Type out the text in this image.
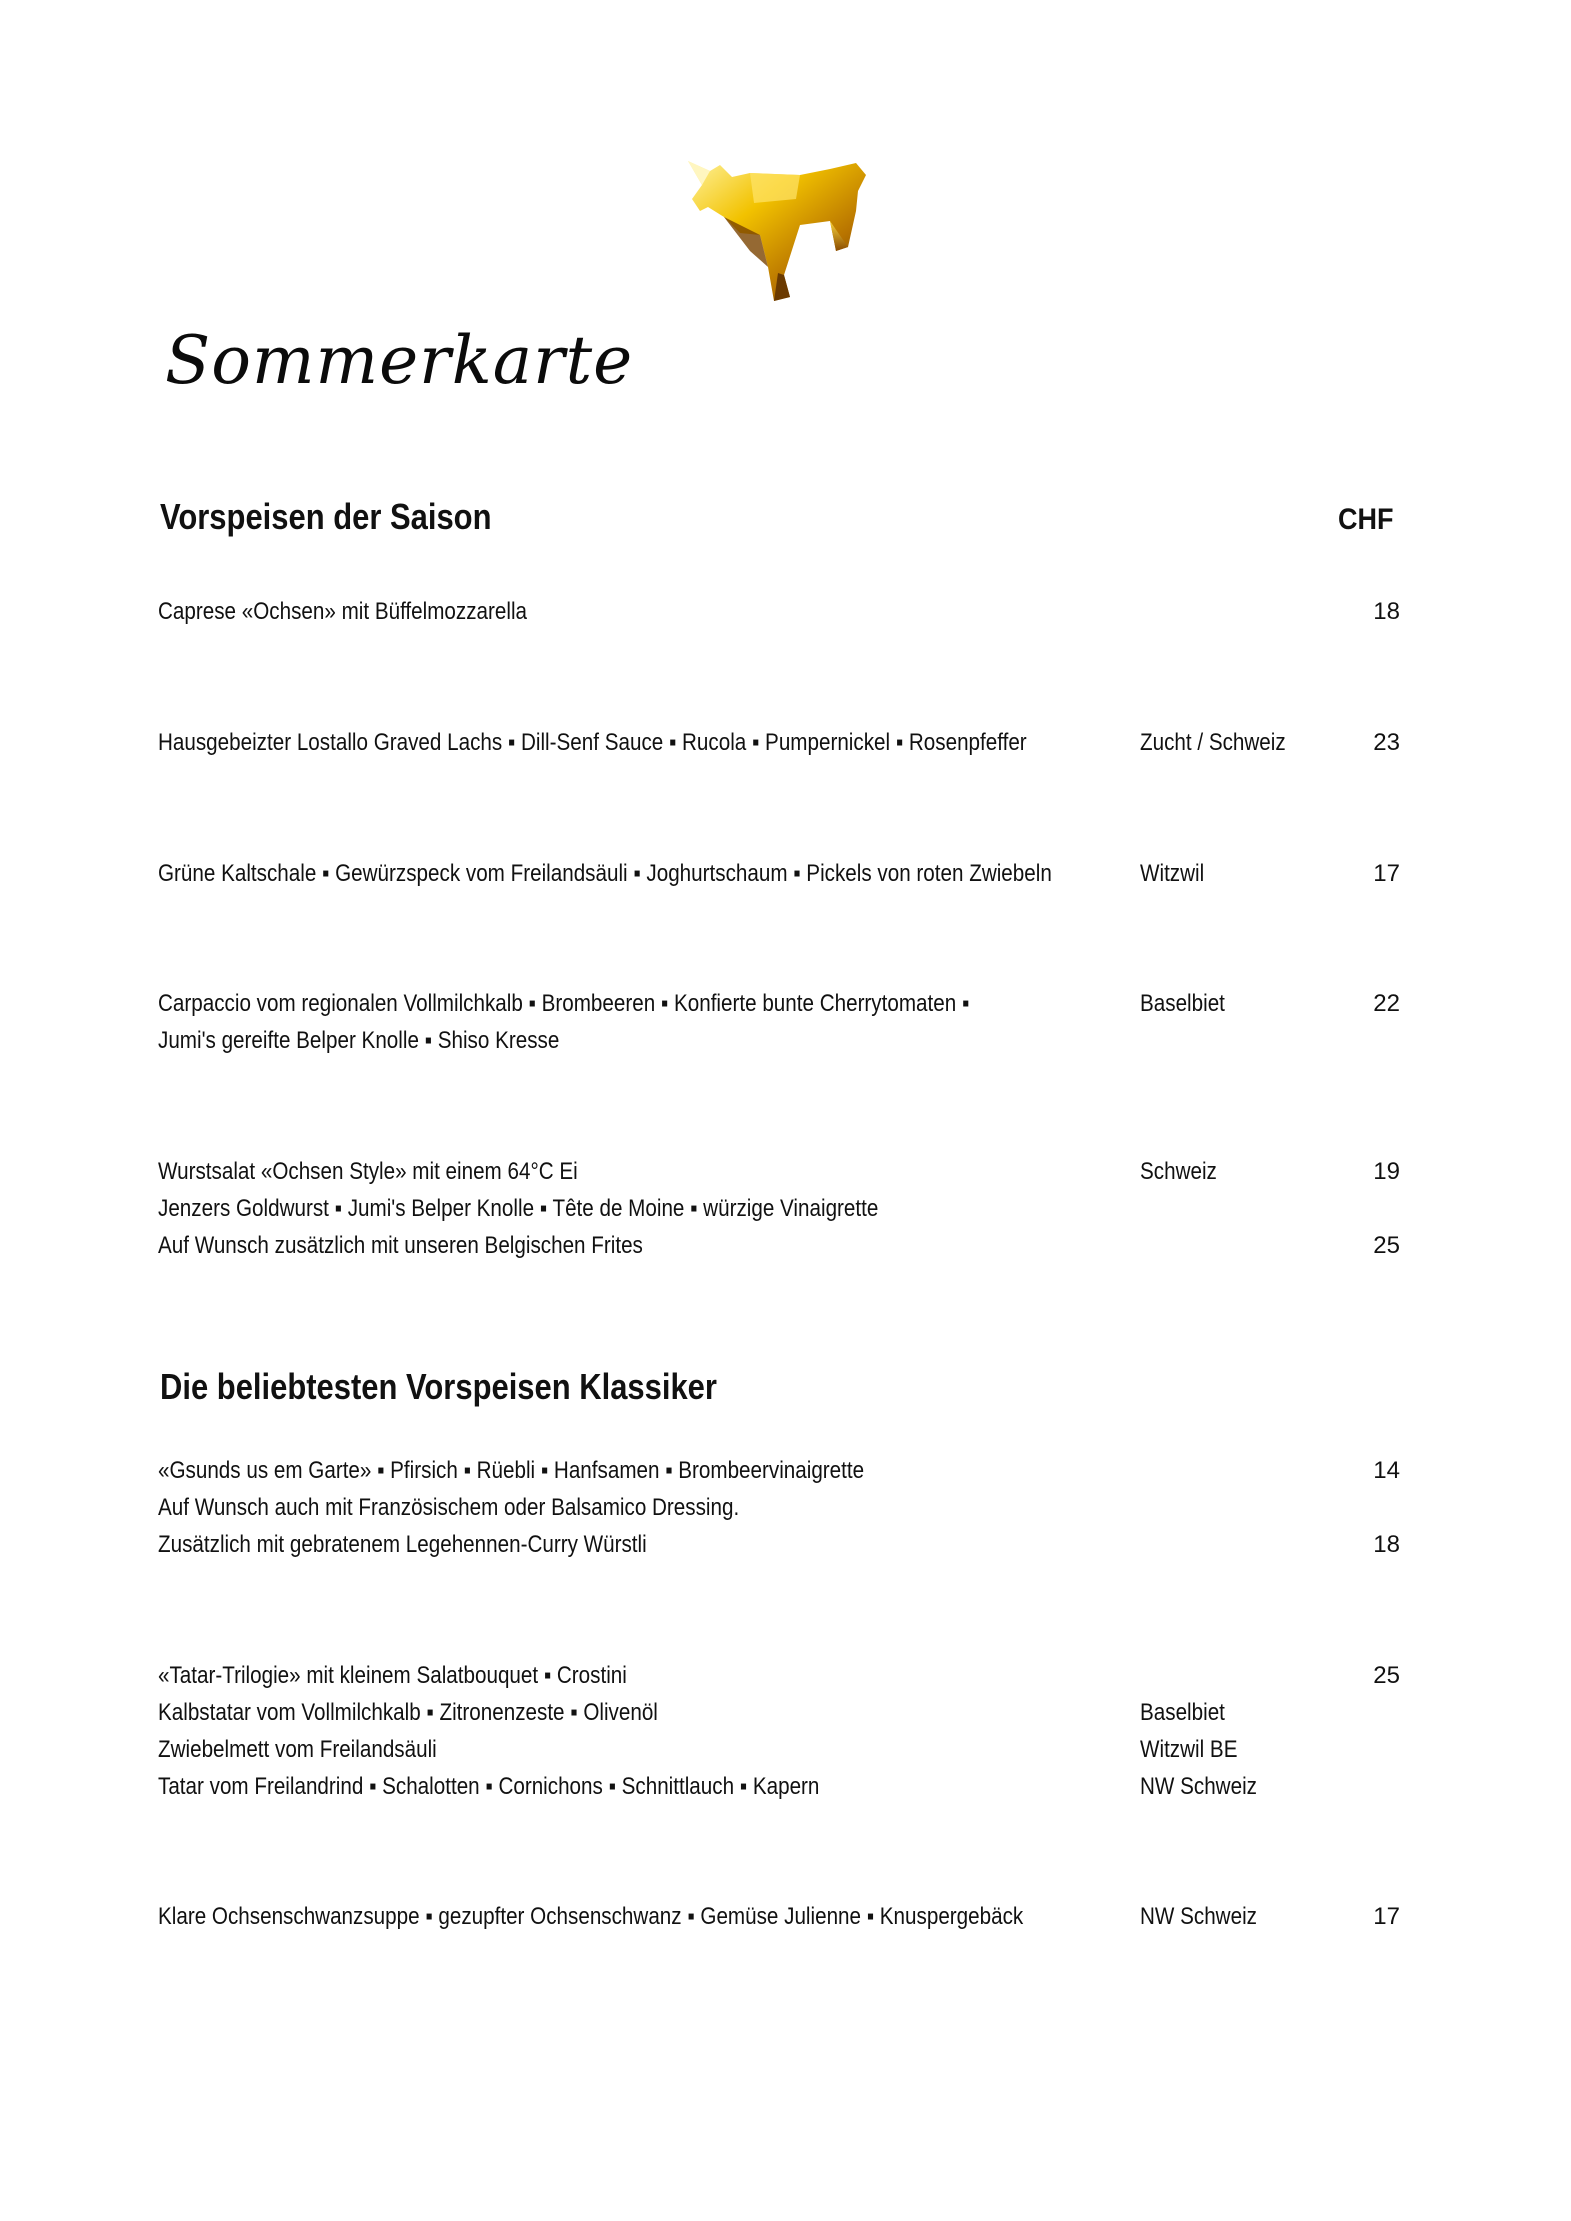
Sommerkarte
Vorspeisen der Saison	CHF
Caprese «Ochsen» mit Büffelmozzarella	18
Hausgebeizter Lostallo Graved Lachs ▪ Dill-Senf Sauce ▪ Rucola ▪ Pumpernickel ▪ Rosenpfeffer	Zucht / Schweiz	23
Grüne Kaltschale ▪ Gewürzspeck vom Freilandsäuli ▪ Joghurtschaum ▪ Pickels von roten Zwiebeln	Witzwil	17
Carpaccio vom regionalen Vollmilchkalb ▪ Brombeeren ▪ Konfierte bunte Cherrytomaten ▪	Baselbiet	22
Jumi's gereifte Belper Knolle ▪ Shiso Kresse
Wurstsalat «Ochsen Style» mit einem 64°C Ei	Schweiz	19
Jenzers Goldwurst ▪ Jumi's Belper Knolle ▪ Tête de Moine ▪ würzige Vinaigrette
Auf Wunsch zusätzlich mit unseren Belgischen Frites	25
Die beliebtesten Vorspeisen Klassiker
«Gsunds us em Garte» ▪ Pfirsich ▪ Rüebli ▪ Hanfsamen ▪ Brombeervinaigrette	14
Auf Wunsch auch mit Französischem oder Balsamico Dressing.
Zusätzlich mit gebratenem Legehennen-Curry Würstli	18
«Tatar-Trilogie» mit kleinem Salatbouquet ▪ Crostini	25
Kalbstatar vom Vollmilchkalb ▪ Zitronenzeste ▪ Olivenöl	Baselbiet
Zwiebelmett vom Freilandsäuli	Witzwil BE
Tatar vom Freilandrind ▪ Schalotten ▪ Cornichons ▪ Schnittlauch ▪ Kapern	NW Schweiz
Klare Ochsenschwanzsuppe ▪ gezupfter Ochsenschwanz ▪ Gemüse Julienne ▪ Knuspergebäck	NW Schweiz	17
